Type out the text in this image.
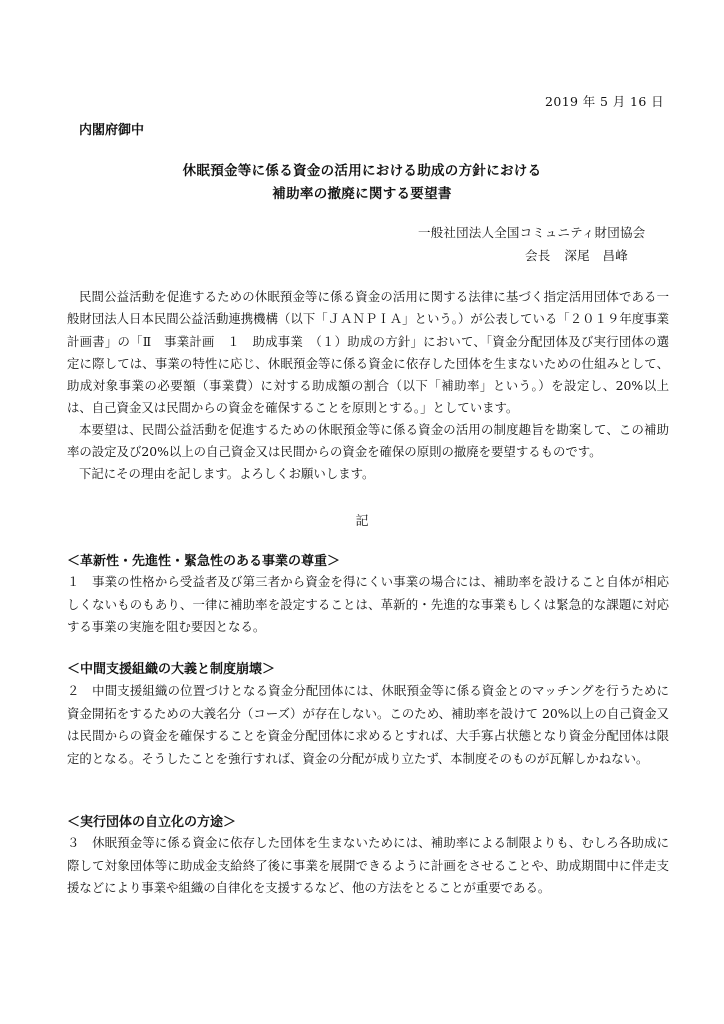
2019 年 5 月 16 日
内閣府御中
休眠預金等に係る資金の活用における助成の方針における
補助率の撤廃に関する要望書
一般社団法人全国コミュニティ財団協会
会長 深尾　昌峰

民間公益活動を促進するための休眠預金等に係る資金の活用に関する法律に基づく指定活用団体である一般財団法人日本民間公益活動連携機構（以下「ＪＡＮＰＩＡ」という。）が公表している「２０１９年度事業計画書」の「Ⅱ　事業計画　１　助成事業　（１）助成の方針」において、「資金分配団体及び実行団体の選定に際しては、事業の特性に応じ、休眠預金等に係る資金に依存した団体を生まないための仕組みとして、助成対象事業の必要額（事業費）に対する助成額の割合（以下「補助率」という。）を設定し、20%以上は、自己資金又は民間からの資金を確保することを原則とする。」としています。

本要望は、民間公益活動を促進するための休眠預金等に係る資金の活用の制度趣旨を勘案して、この補助率の設定及び20%以上の自己資金又は民間からの資金を確保の原則の撤廃を要望するものです。

下記にその理由を記します。よろしくお願いします。

記
＜革新性・先進性・緊急性のある事業の尊重＞

１　事業の性格から受益者及び第三者から資金を得にくい事業の場合には、補助率を設けること自体が相応しくないものもあり、一律に補助率を設定することは、革新的・先進的な事業もしくは緊急的な課題に対応する事業の実施を阻む要因となる。

＜中間支援組織の大義と制度崩壊＞

２　中間支援組織の位置づけとなる資金分配団体には、休眠預金等に係る資金とのマッチングを行うために資金開拓をするための大義名分（コーズ）が存在しない。このため、補助率を設けて 20%以上の自己資金又は民間からの資金を確保することを資金分配団体に求めるとすれば、大手寡占状態となり資金分配団体は限定的となる。そうしたことを強行すれば、資金の分配が成り立たず、本制度そのものが瓦解しかねない。

＜実行団体の自立化の方途＞

３　休眠預金等に係る資金に依存した団体を生まないためには、補助率による制限よりも、むしろ各助成に際して対象団体等に助成金支給終了後に事業を展開できるように計画をさせることや、助成期間中に伴走支援などにより事業や組織の自律化を支援するなど、他の方法をとることが重要である。
